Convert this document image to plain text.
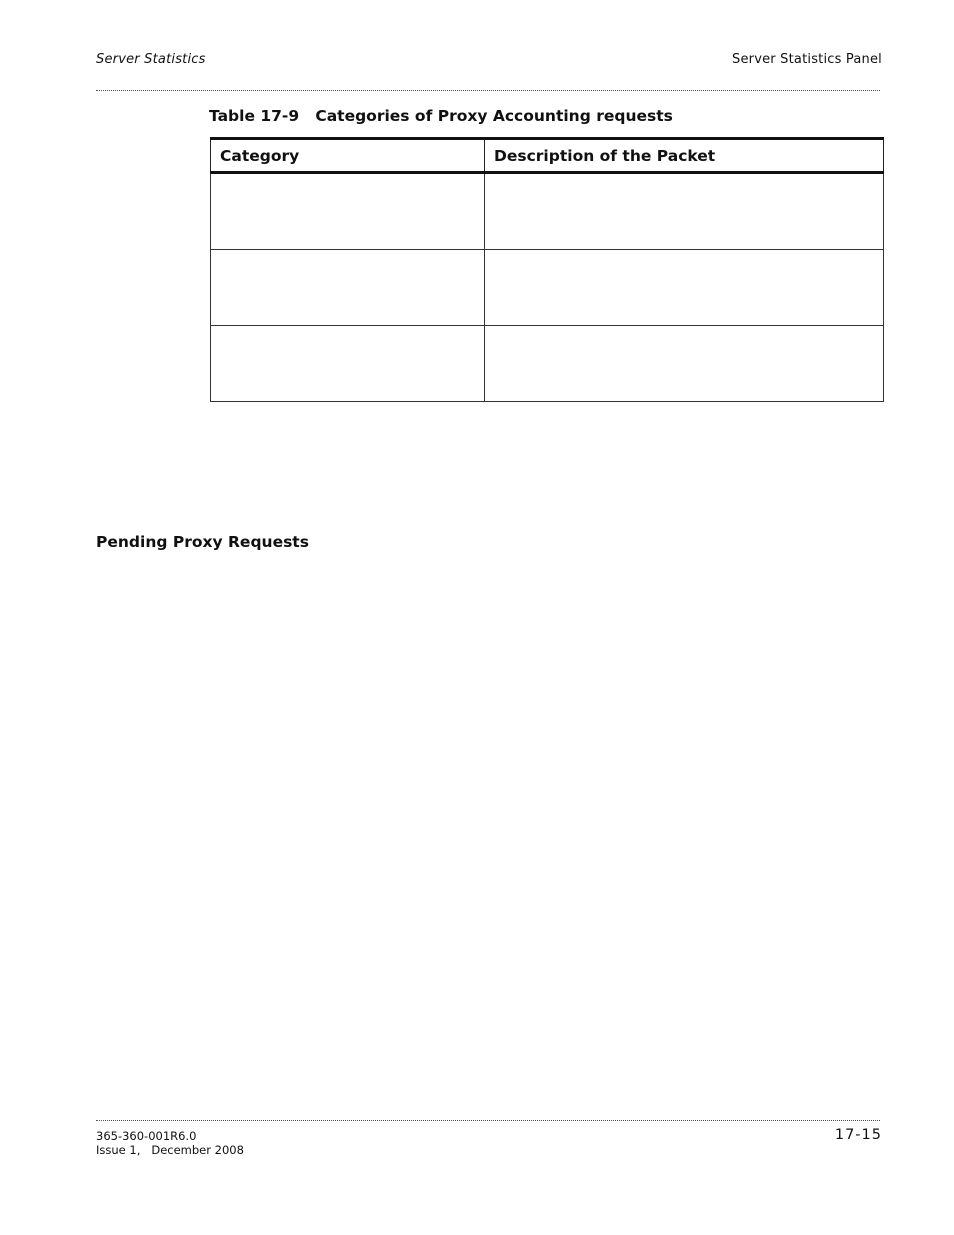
Server Statistics	Server Statistics Panel
Table 17-9   Categories of Proxy Accounting requests
Category	Description of the Packet

Pending Proxy Requests
365-360-001R6.0
Issue 1,   December 2008
17-15
